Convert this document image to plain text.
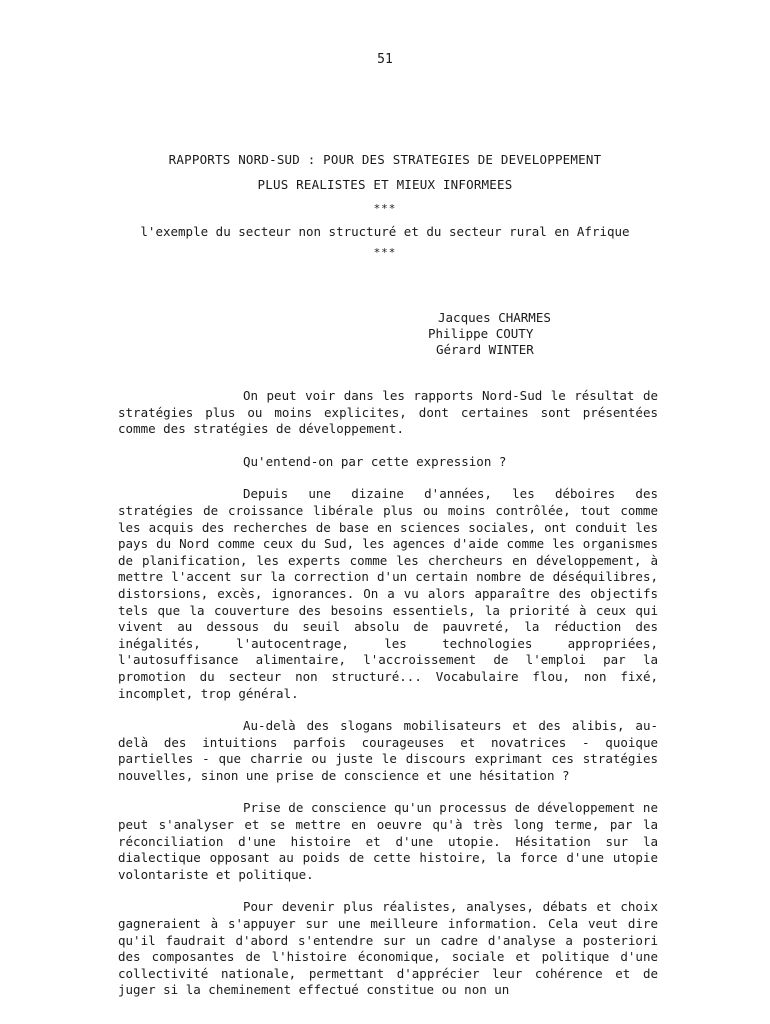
51
RAPPORTS NORD-SUD : POUR DES STRATEGIES DE DEVELOPPEMENT
PLUS REALISTES ET MIEUX INFORMEES
***
l'exemple du secteur non structuré et du secteur rural en Afrique
***
Jacques CHARMES
Philippe COUTY
Gérard WINTER

On peut voir dans les rapports Nord-Sud le résultat de stratégies plus ou moins explicites, dont certaines sont présentées comme des stratégies de développement.

Qu'entend-on par cette expression ?

Depuis une dizaine d'années, les déboires des stratégies de croissance libérale plus ou moins contrôlée, tout comme les acquis des recherches de base en sciences sociales, ont conduit les pays du Nord comme ceux du Sud, les agences d'aide comme les organismes de planification, les experts comme les chercheurs en développement, à mettre l'accent sur la correction d'un certain nombre de déséquilibres, distorsions, excès, ignorances. On a vu alors apparaître des objectifs tels que la couverture des besoins essentiels, la priorité à ceux qui vivent au dessous du seuil absolu de pauvreté, la réduction des inégalités, l'autocentrage, les technologies appropriées, l'autosuffisance alimentaire, l'accroissement de l'emploi par la promotion du secteur non structuré... Vocabulaire flou, non fixé, incomplet, trop général.

Au-delà des slogans mobilisateurs et des alibis, au-delà des intuitions parfois courageuses et novatrices - quoique partielles - que charrie ou juste le discours exprimant ces stratégies nouvelles, sinon une prise de conscience et une hésitation ?

Prise de conscience qu'un processus de développement ne peut s'analyser et se mettre en oeuvre qu'à très long terme, par la réconciliation d'une histoire et d'une utopie. Hésitation sur la dialectique opposant au poids de cette histoire, la force d'une utopie volontariste et politique.

Pour devenir plus réalistes, analyses, débats et choix gagneraient à s'appuyer sur une meilleure information. Cela veut dire qu'il faudrait d'abord s'entendre sur un cadre d'analyse a posteriori des composantes de l'histoire économique, sociale et politique d'une collectivité nationale, permettant d'apprécier leur cohérence et de juger si la cheminement effectué constitue ou non un
